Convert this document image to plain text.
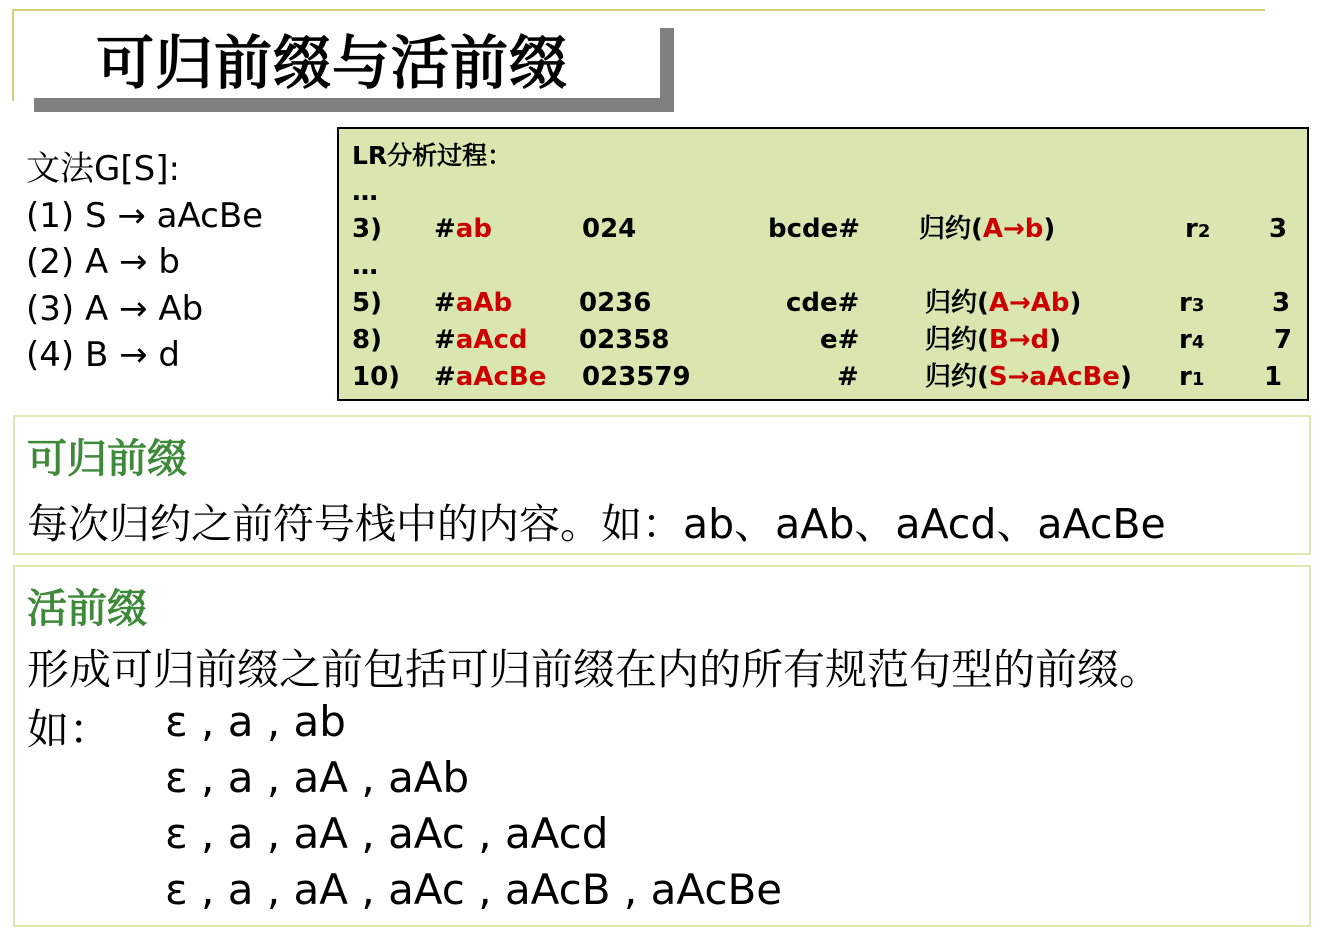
可归前缀与活前缀
文法G[S]:
(1) S → aAcBe
(2) A → b
(3) A → Ab
(4) B → d
LR分析过程：
…
…
3) #ab	024	bcde# 归约(A→b)	r2 3
5) #aAb	0236	cde#	归约(A→Ab)	r3	3
8) #aAcd 02358	e#	归约(B→d)	r4	7
10) #aAcBe 023579	#	归约(S→aAcBe) r1 1
可归前缀
每次归约之前符号栈中的内容。如：ab、aAb、aAcd、aAcBe
活前缀
形成可归前缀之前包括可归前缀在内的所有规范句型的前缀。
如： ε , a , ab
ε , a , aA , aAb
ε , a , aA , aAc , aAcd
ε , a , aA , aAc , aAcB , aAcBe
